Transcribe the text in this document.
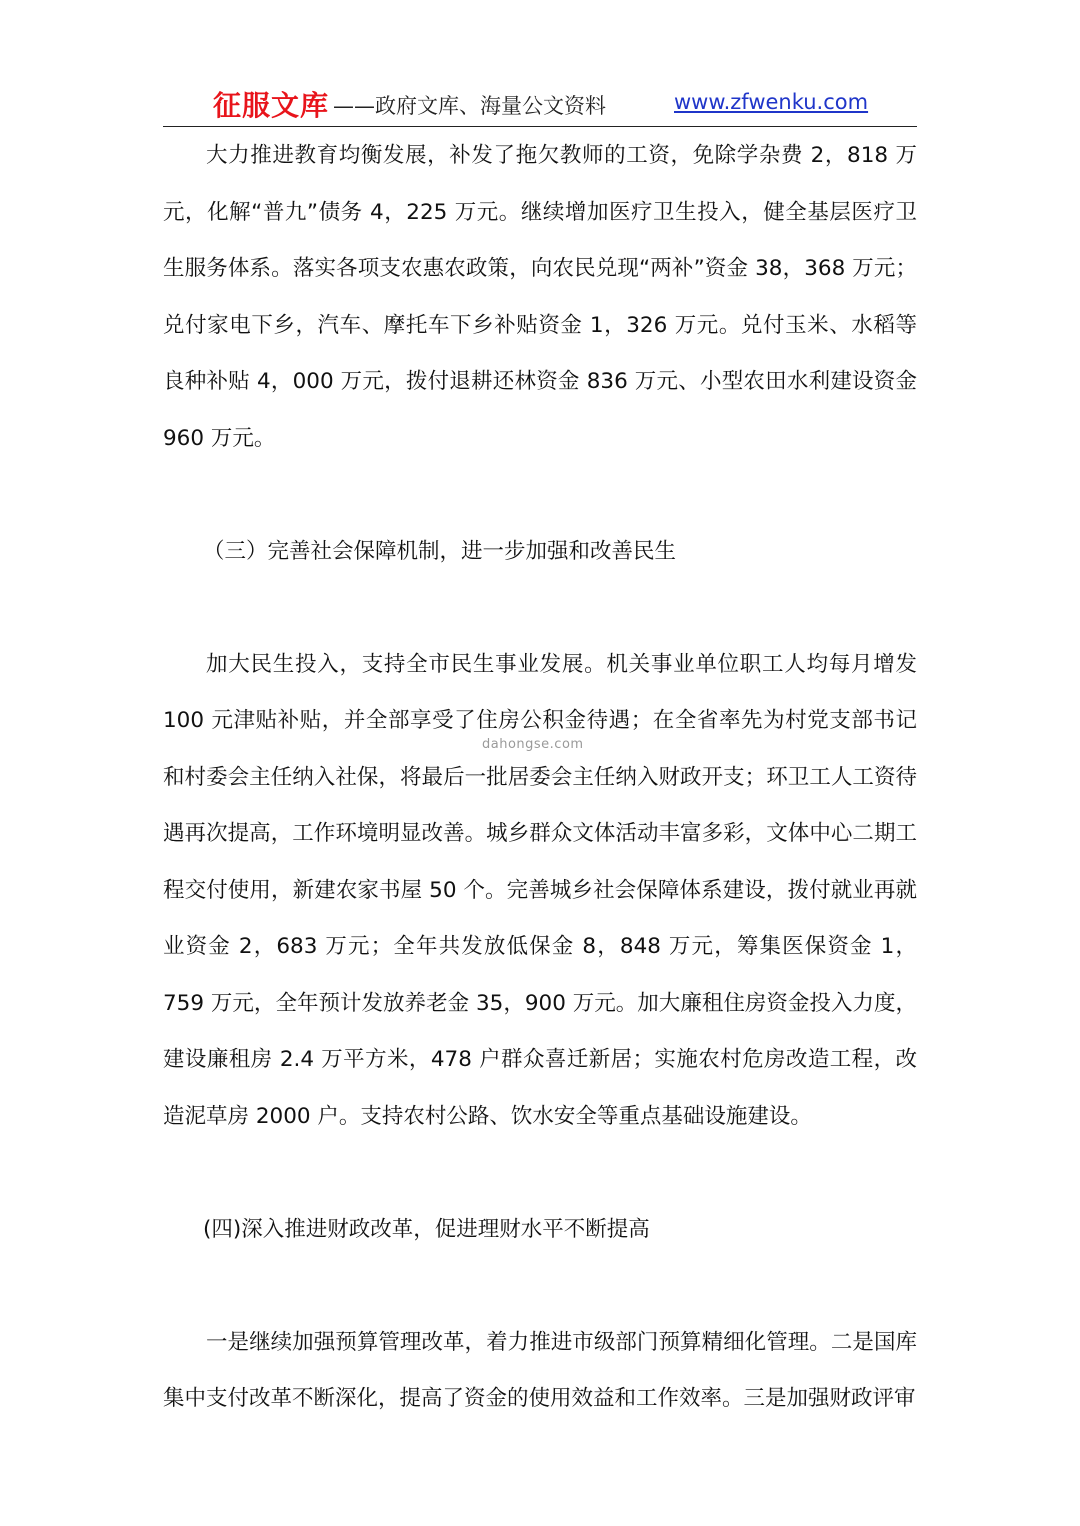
征服文库 ——政府文库、海量公文资料	www.zfwenku.com

大力推进教育均衡发展，补发了拖欠教师的工资，免除学杂费 2，818 万元，化解“普九”债务 4，225 万元。继续增加医疗卫生投入，健全基层医疗卫生服务体系。落实各项支农惠农政策，向农民兑现“两补”资金 38，368 万元；兑付家电下乡，汽车、摩托车下乡补贴资金 1，326 万元。兑付玉米、水稻等良种补贴 4，000 万元，拨付退耕还林资金 836 万元、小型农田水利建设资金 960 万元。

（三）完善社会保障机制，进一步加强和改善民生

加大民生投入，支持全市民生事业发展。机关事业单位职工人均每月增发 100 元津贴补贴，并全部享受了住房公积金待遇；在全省率先为村党支部书记和村委会主任纳入社保，将最后一批居委会主任纳入财政开支；环卫工人工资待遇再次提高，工作环境明显改善。城乡群众文体活动丰富多彩，文体中心二期工程交付使用，新建农家书屋 50 个。完善城乡社会保障体系建设，拨付就业再就业资金 2，683 万元；全年共发放低保金 8，848 万元，筹集医保资金 1，759 万元，全年预计发放养老金 35，900 万元。加大廉租住房资金投入力度，建设廉租房 2.4 万平方米，478 户群众喜迁新居；实施农村危房改造工程，改造泥草房 2000 户。支持农村公路、饮水安全等重点基础设施建设。

(四)深入推进财政改革，促进理财水平不断提高

一是继续加强预算管理改革，着力推进市级部门预算精细化管理。二是国库集中支付改革不断深化，提高了资金的使用效益和工作效率。三是加强财政评审

dahongse.com
